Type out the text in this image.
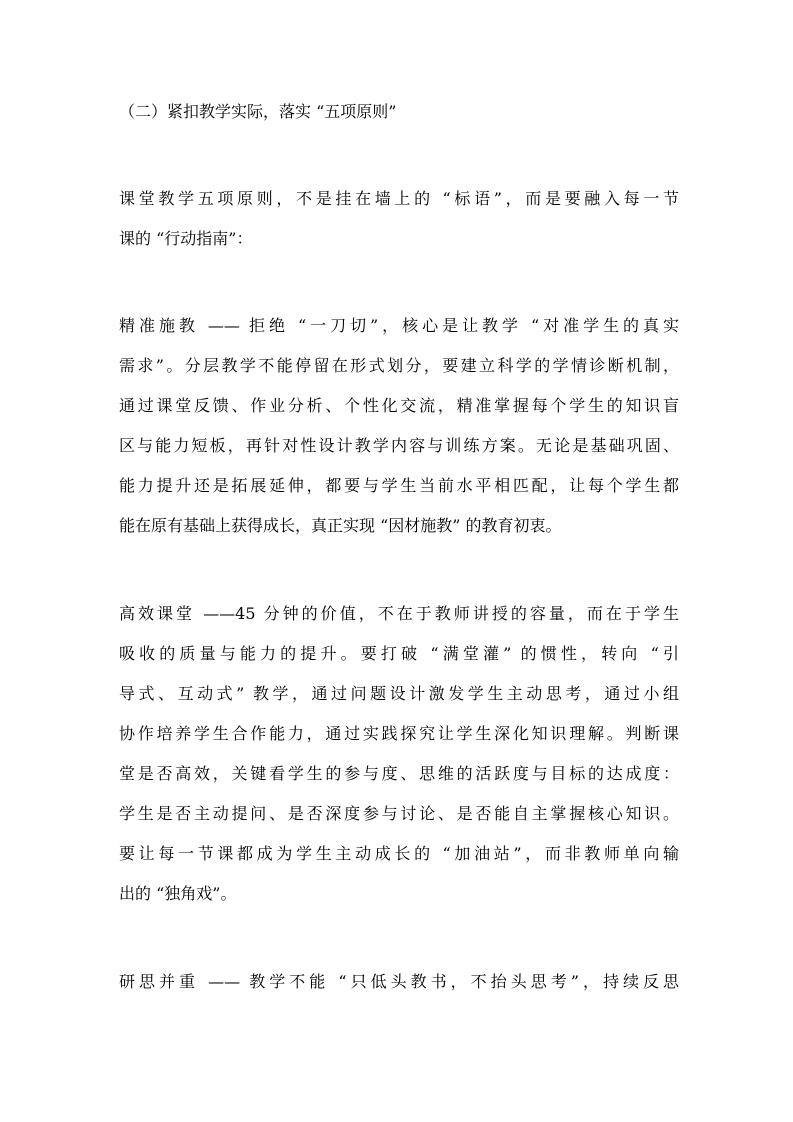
（二）紧扣教学实际，落实 “五项原则”
课堂教学五项原则，不是挂在墙上的 “标语”，而是要融入每一节
课的 “行动指南”：
精准施教 —— 拒绝 “一刀切”，核心是让教学 “对准学生的真实
需求”。分层教学不能停留在形式划分，要建立科学的学情诊断机制，
通过课堂反馈、作业分析、个性化交流，精准掌握每个学生的知识盲
区与能力短板，再针对性设计教学内容与训练方案。无论是基础巩固、
能力提升还是拓展延伸，都要与学生当前水平相匹配，让每个学生都
能在原有基础上获得成长，真正实现 “因材施教” 的教育初衷。
高效课堂 ——45 分钟的价值，不在于教师讲授的容量，而在于学生
吸收的质量与能力的提升。要打破 “满堂灌” 的惯性，转向 “引
导式、互动式” 教学，通过问题设计激发学生主动思考，通过小组
协作培养学生合作能力，通过实践探究让学生深化知识理解。判断课
堂是否高效，关键看学生的参与度、思维的活跃度与目标的达成度：
学生是否主动提问、是否深度参与讨论、是否能自主掌握核心知识。
要让每一节课都成为学生主动成长的 “加油站”，而非教师单向输
出的 “独角戏”。
研思并重 —— 教学不能 “只低头教书，不抬头思考”，持续反思
